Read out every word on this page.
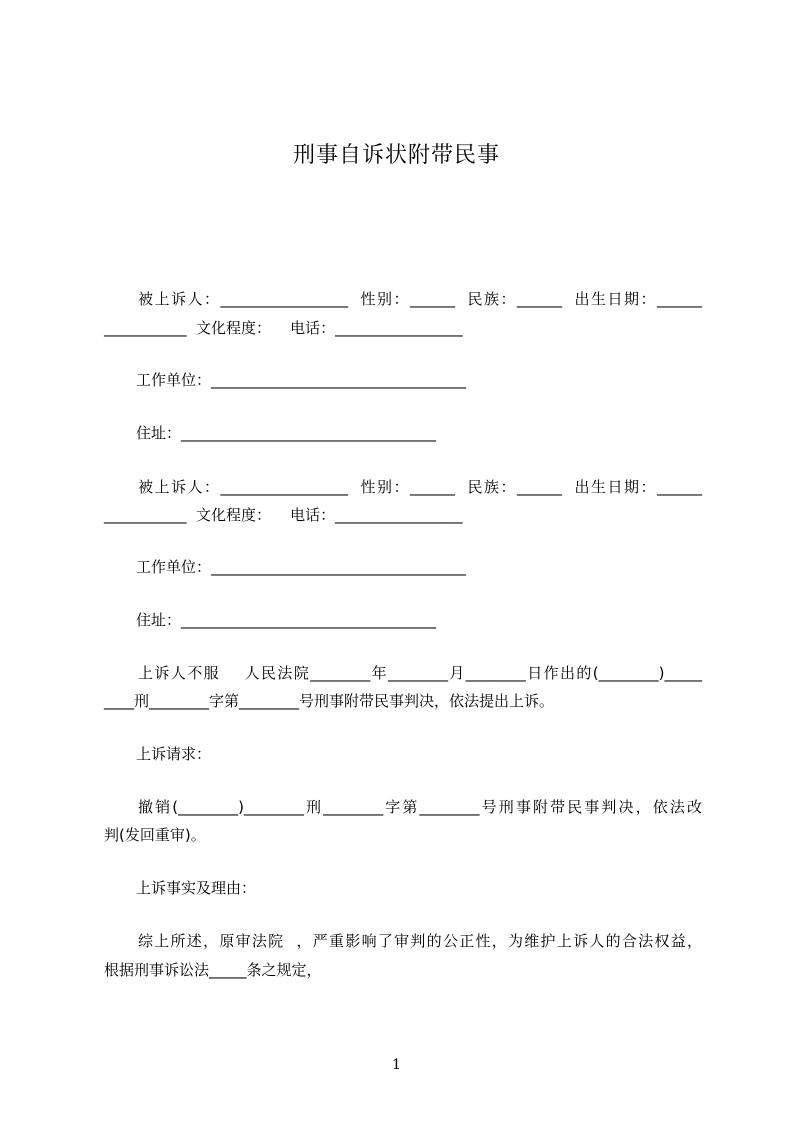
刑事自诉状附带民事
被上诉人：_________________  性别：______  民族：______  出生日期：______
___________  文化程度：    电话：_________________
工作单位：__________________________________
住址：__________________________________
被上诉人：_________________  性别：______  民族：______  出生日期：______
___________  文化程度：    电话：_________________
工作单位：__________________________________
住址：__________________________________
上诉人不服    人民法院________年________月________日作出的(________)_____
____刑________字第________号刑事附带民事判决，依法提出上诉。
上诉请求：
撤销(________)________刑________字第________号刑事附带民事判决，依法改
判(发回重审)。
上诉事实及理由：
综上所述，原审法院  ，严重影响了审判的公正性，为维护上诉人的合法权益，
根据刑事诉讼法_____条之规定，
1
